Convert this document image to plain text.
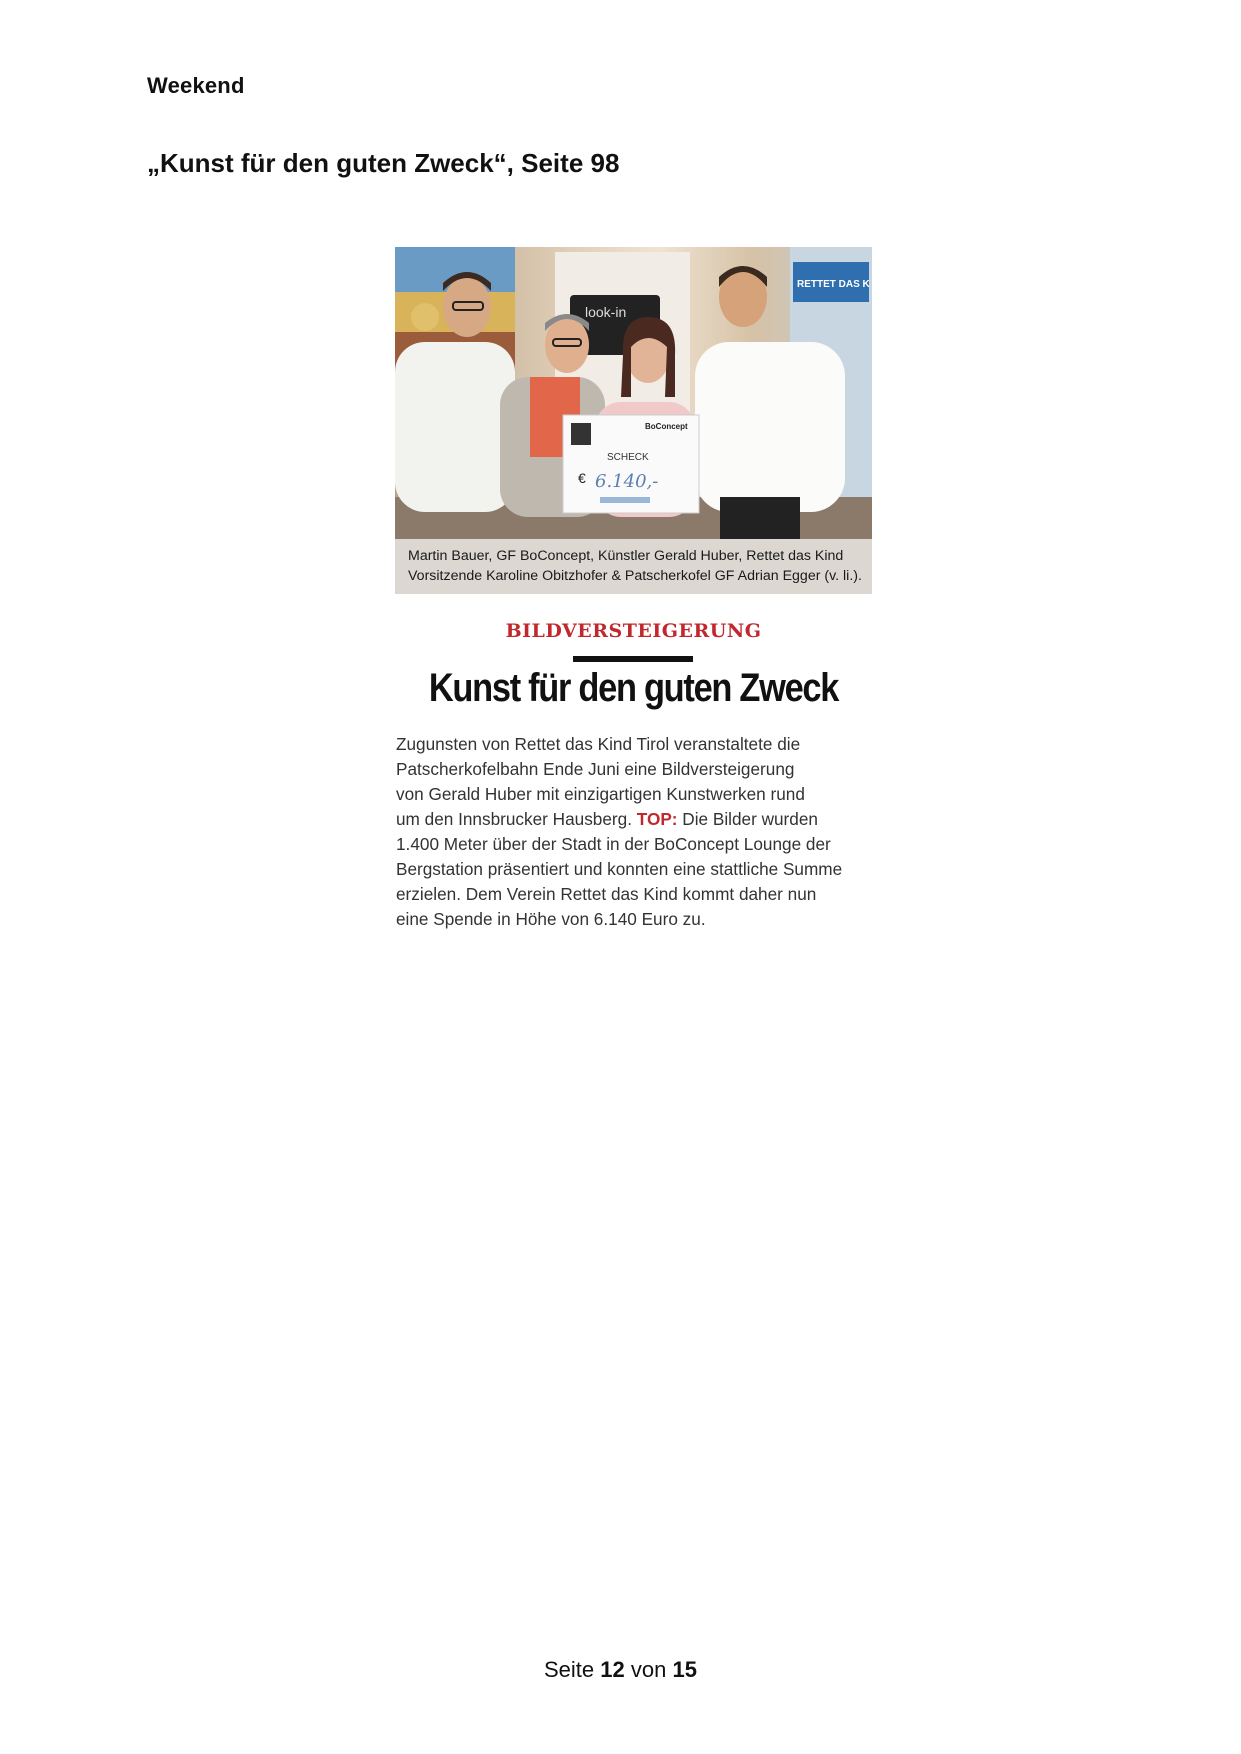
Weekend
„Kunst für den guten Zweck“, Seite 98
look-in
RETTET DAS K
BoConcept
SCHECK
€ 6.140,-
Martin Bauer, GF BoConcept, Künstler Gerald Huber, Rettet das Kind
Vorsitzende Karoline Obitzhofer & Patscherkofel GF Adrian Egger (v. li.).
BILDVERSTEIGERUNG
Kunst für den guten Zweck
Zugunsten von Rettet das Kind Tirol veranstaltete die
Patscherkofelbahn Ende Juni eine Bildversteigerung
von Gerald Huber mit einzigartigen Kunstwerken rund
um den Innsbrucker Hausberg. TOP: Die Bilder wurden
1.400 Meter über der Stadt in der BoConcept Lounge der
Bergstation präsentiert und konnten eine stattliche Summe
erzielen. Dem Verein Rettet das Kind kommt daher nun
eine Spende in Höhe von 6.140 Euro zu.
Seite 12 von 15
